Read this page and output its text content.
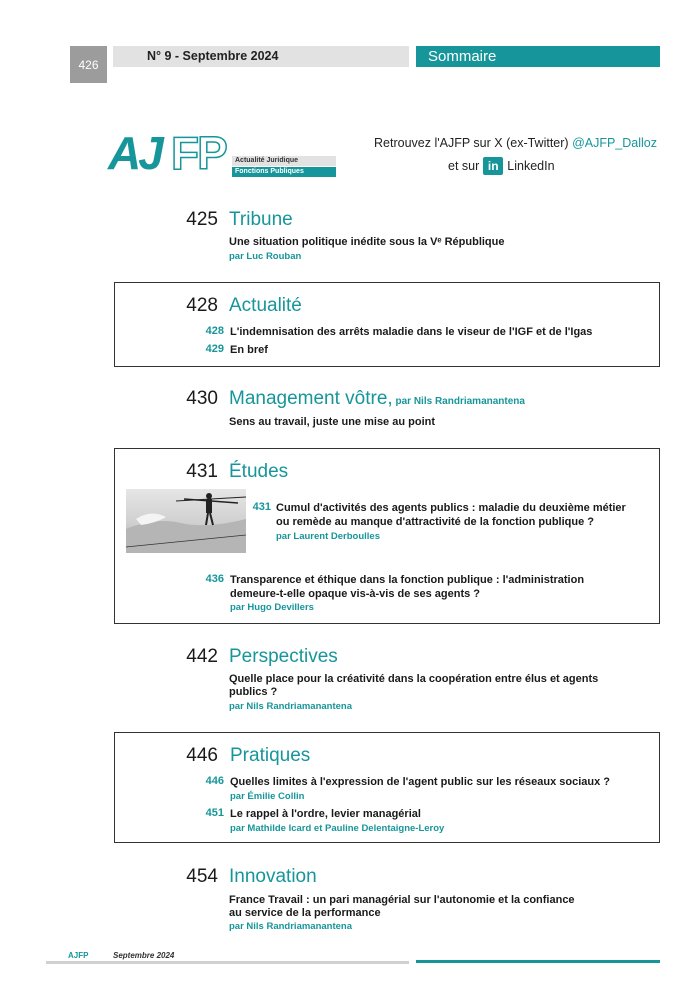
426
N° 9 - Septembre 2024	Sommaire
AJ FP	Actualité Juridique
Fonctions Publiques
Retrouvez l'AJFP sur X (ex-Twitter) @AJFP_Dalloz
et sur in LinkedIn
425 Tribune
Une situation politique inédite sous la Vᵉ République
par Luc Rouban
428 Actualité
428 L'indemnisation des arrêts maladie dans le viseur de l'IGF et de l'Igas
429 En bref
430 Management vôtre, par Nils Randriamanantena
Sens au travail, juste une mise au point
431 Études
431 Cumul d'activités des agents publics : maladie du deuxième métier
ou remède au manque d'attractivité de la fonction publique ?
par Laurent Derboulles
436 Transparence et éthique dans la fonction publique : l'administration
demeure-t-elle opaque vis-à-vis de ses agents ?
par Hugo Devillers
442 Perspectives
Quelle place pour la créativité dans la coopération entre élus et agents
publics ?
par Nils Randriamanantena
446 Pratiques
446 Quelles limites à l'expression de l'agent public sur les réseaux sociaux ?
par Émilie Collin
451 Le rappel à l'ordre, levier managérial
par Mathilde Icard et Pauline Delentaigne-Leroy
454 Innovation
France Travail : un pari managérial sur l'autonomie et la confiance
au service de la performance
par Nils Randriamanantena
AJFP	Septembre 2024
